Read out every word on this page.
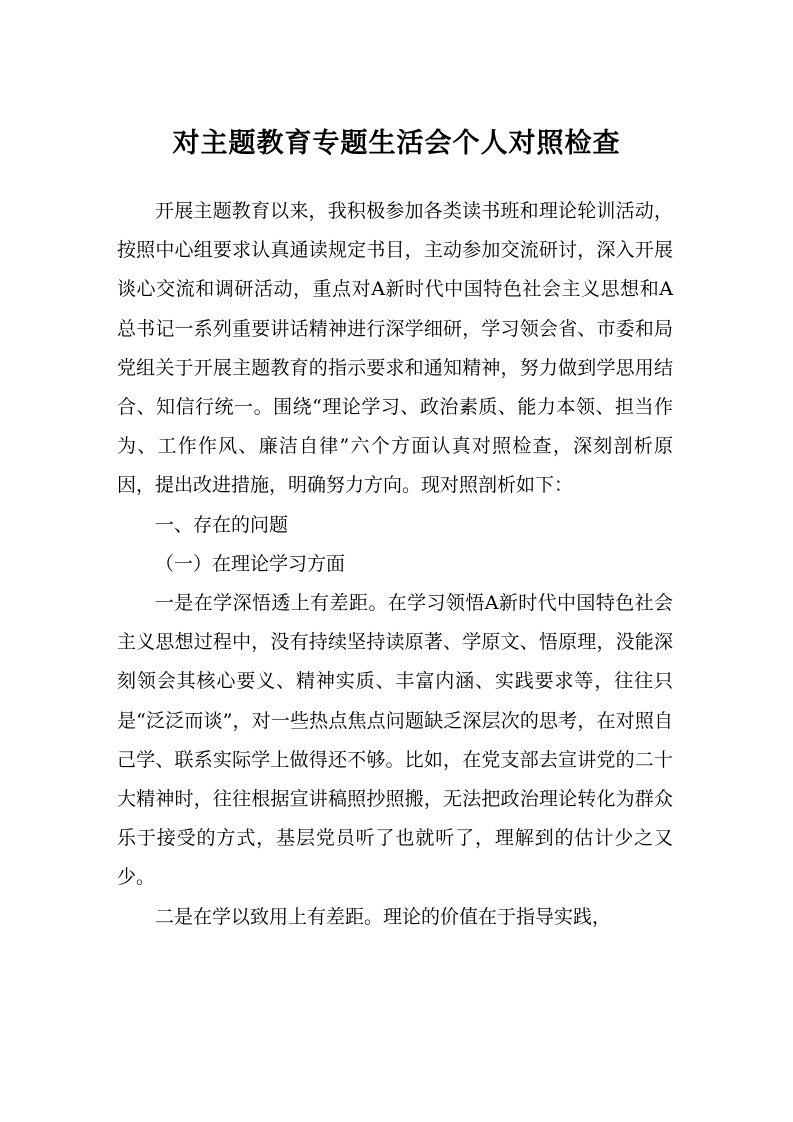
对主题教育专题生活会个人对照检查

开展主题教育以来，我积极参加各类读书班和理论轮训活动，按照中心组要求认真通读规定书目，主动参加交流研讨，深入开展谈心交流和调研活动，重点对A新时代中国特色社会主义思想和A总书记一系列重要讲话精神进行深学细研，学习领会省、市委和局党组关于开展主题教育的指示要求和通知精神，努力做到学思用结合、知信行统一。围绕“理论学习、政治素质、能力本领、担当作为、工作作风、廉洁自律”六个方面认真对照检查，深刻剖析原因，提出改进措施，明确努力方向。现对照剖析如下：

一、存在的问题

（一）在理论学习方面

一是在学深悟透上有差距。在学习领悟A新时代中国特色社会主义思想过程中，没有持续坚持读原著、学原文、悟原理，没能深刻领会其核心要义、精神实质、丰富内涵、实践要求等，往往只是“泛泛而谈”，对一些热点焦点问题缺乏深层次的思考，在对照自己学、联系实际学上做得还不够。比如，在党支部去宣讲党的二十大精神时，往往根据宣讲稿照抄照搬，无法把政治理论转化为群众乐于接受的方式，基层党员听了也就听了，理解到的估计少之又少。

二是在学以致用上有差距。理论的价值在于指导实践，
